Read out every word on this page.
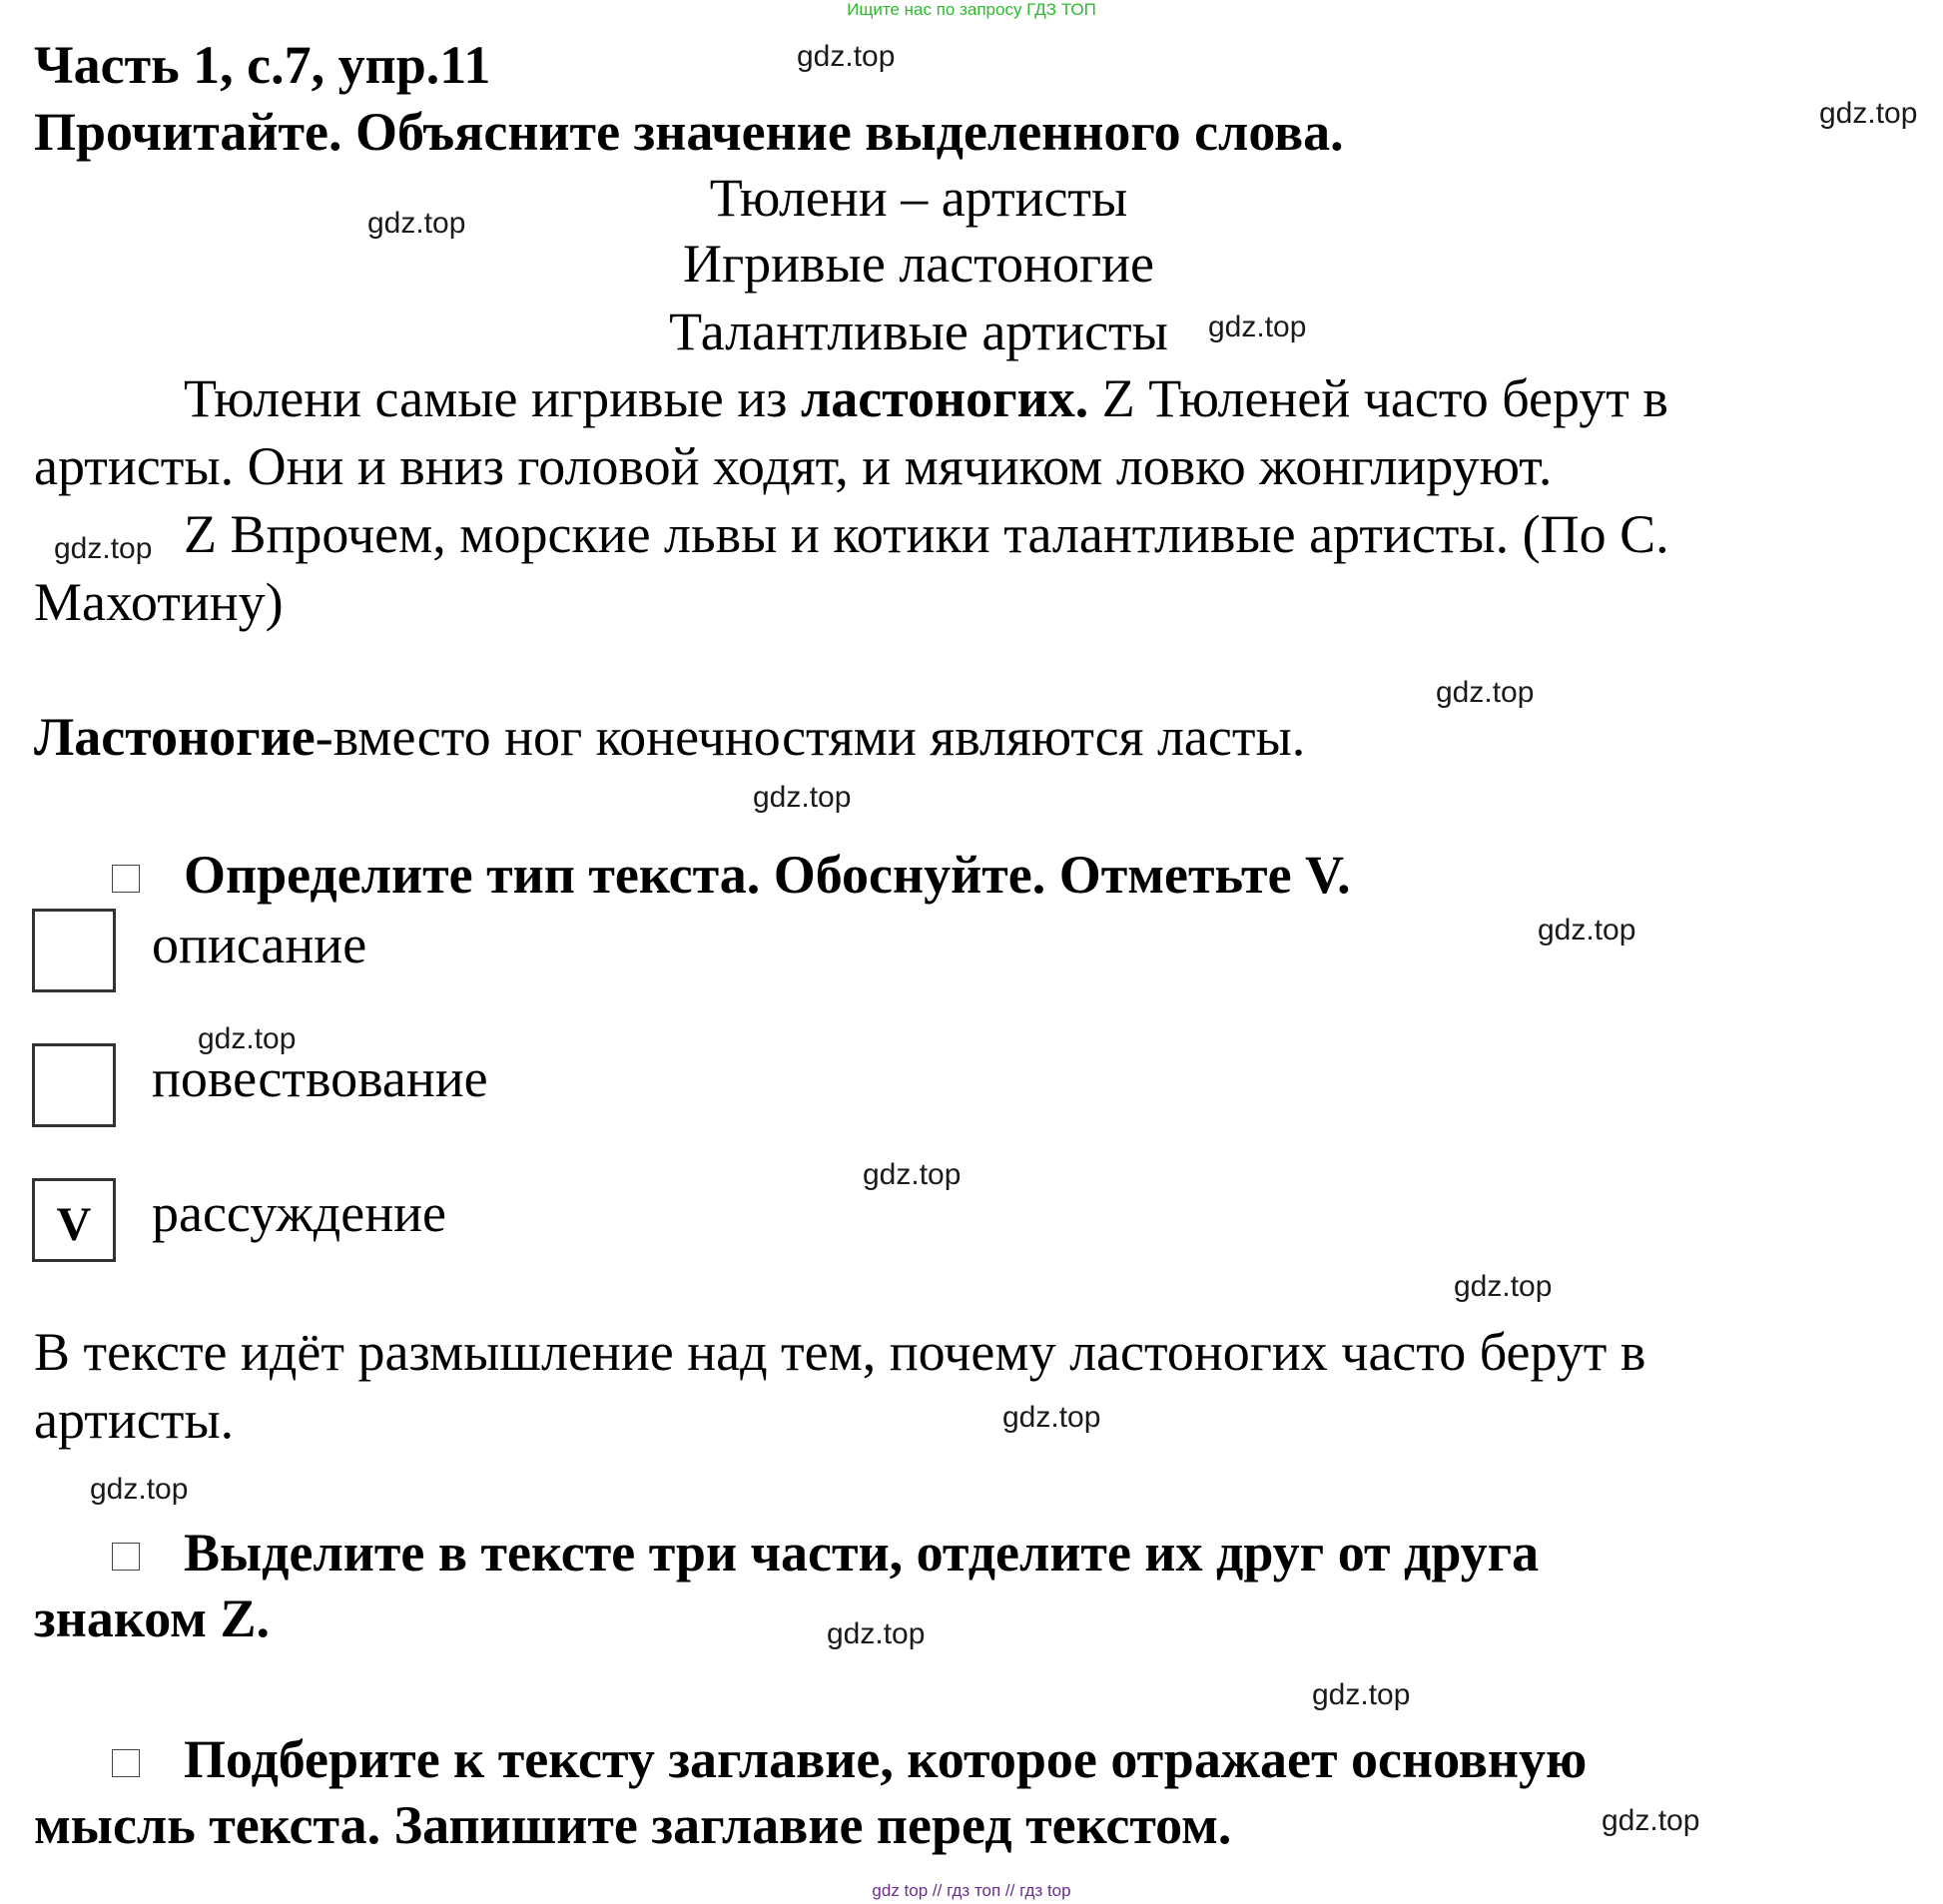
Ищите нас по запросу ГДЗ ТОП
Часть 1, с.7, упр.11
Прочитайте. Объясните значение выделенного слова.
Тюлени – артисты
Игривые ластоногие
Талантливые артисты
Тюлени самые игривые из ластоногих. Z Тюленей часто берут в
артисты. Они и вниз головой ходят, и мячиком ловко жонглируют.
Z Впрочем, морские львы и котики талантливые артисты. (По С.
Махотину)
Ластоногие-вместо ног конечностями являются ласты.
Определите тип текста. Обоснуйте. Отметьте V.
описание
повествование
V	рассуждение
В тексте идёт размышление над тем, почему ластоногих часто берут в
артисты.
Выделите в тексте три части, отделите их друг от друга
знаком Z.
Подберите к тексту заглавие, которое отражает основную
мысль текста. Запишите заглавие перед текстом.
gdz.top
gdz.top
gdz.top
gdz.top
gdz.top
gdz.top
gdz.top
gdz.top
gdz.top
gdz.top
gdz.top
gdz.top
gdz.top
gdz.top
gdz.top
gdz.top
gdz top // гдз топ // гдз top
